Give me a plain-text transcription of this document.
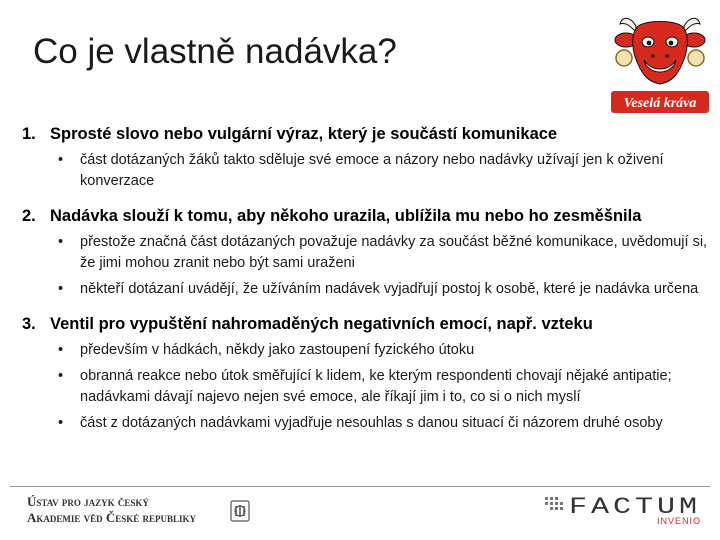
Co je vlastně nadávka?
Veselá kráva
1. Sprosté slovo nebo vulgární výraz, který je součástí komunikace
•	část dotázaných žáků takto sděluje své emoce a názory nebo nadávky užívají jen k oživení konverzace
2. Nadávka slouží k tomu, aby někoho urazila, ublížila mu nebo ho zesměšnila
•	přestože značná část dotázaných považuje nadávky za součást běžné komunikace, uvědomují si, že jimi mohou zranit nebo být sami uraženi
•	někteří dotázaní uvádějí, že užíváním nadávek vyjadřují postoj k osobě, které je nadávka určena
3. Ventil pro vypuštění nahromaděných negativních emocí, např. vzteku
•	především v hádkách, někdy jako zastoupení fyzického útoku
•	obranná reakce nebo útok směřující k lidem, ke kterým respondenti chovají nějaké antipatie; nadávkami dávají najevo nejen své emoce, ale říkají jim i to, co si o nich myslí
•	část z dotázaných nadávkami vyjadřuje nesouhlas s danou situací či názorem druhé osoby
Ústav pro jazyk český
Akademie věd České republiky	FACTUM
INVENIO
